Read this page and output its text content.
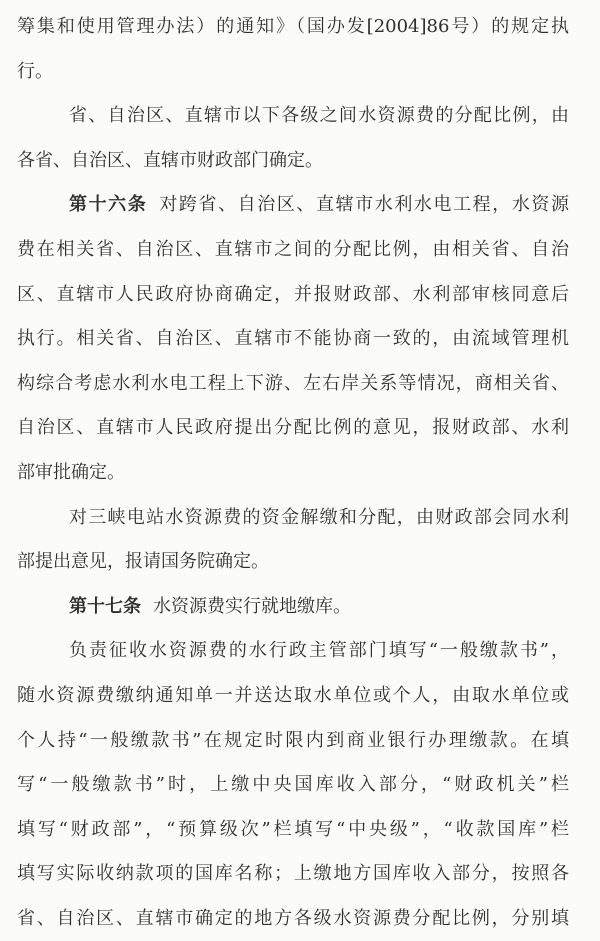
筹集和使用管理办法）的通知》（国办发[2004]86号）的规定执
行。
省、自治区、直辖市以下各级之间水资源费的分配比例，由
各省、自治区、直辖市财政部门确定。
第十六条 对跨省、自治区、直辖市水利水电工程，水资源
费在相关省、自治区、直辖市之间的分配比例，由相关省、自治
区、直辖市人民政府协商确定，并报财政部、水利部审核同意后
执行。相关省、自治区、直辖市不能协商一致的，由流域管理机
构综合考虑水利水电工程上下游、左右岸关系等情况，商相关省、
自治区、直辖市人民政府提出分配比例的意见，报财政部、水利
部审批确定。
对三峡电站水资源费的资金解缴和分配，由财政部会同水利
部提出意见，报请国务院确定。
第十七条 水资源费实行就地缴库。
负责征收水资源费的水行政主管部门填写“一般缴款书”，
随水资源费缴纳通知单一并送达取水单位或个人，由取水单位或
个人持“一般缴款书”在规定时限内到商业银行办理缴款。在填
写“一般缴款书”时，上缴中央国库收入部分，“财政机关”栏
填写“财政部”，“预算级次”栏填写“中央级”，“收款国库”栏
填写实际收纳款项的国库名称；上缴地方国库收入部分，按照各
省、自治区、直辖市确定的地方各级水资源费分配比例，分别填
